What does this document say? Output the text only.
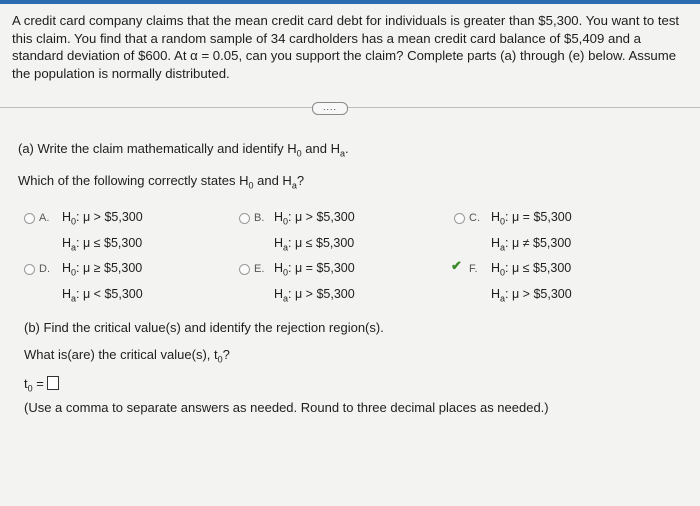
A credit card company claims that the mean credit card debt for individuals is greater than $5,300. You want to test this claim. You find that a random sample of 34 cardholders has a mean credit card balance of $5,409 and a standard deviation of $600. At α = 0.05, can you support the claim? Complete parts (a) through (e) below. Assume the population is normally distributed.
....
(a) Write the claim mathematically and identify $H_0$ and $H_a$.
Which of the following correctly states $H_0$ and $H_a$?
A. $H_0$: μ > $5,300
$H_a$: μ ≤ $5,300
B. $H_0$: μ > $5,300
$H_a$: μ ≤ $5,300
C. $H_0$: μ = $5,300
$H_a$: μ ≠ $5,300
D. $H_0$: μ ≥ $5,300
$H_a$: μ < $5,300
E. $H_0$: μ = $5,300
$H_a$: μ > $5,300
✔ F. $H_0$: μ ≤ $5,300
$H_a$: μ > $5,300
(b) Find the critical value(s) and identify the rejection region(s).
What is(are) the critical value(s), $t_0$?
$t_0$ =
(Use a comma to separate answers as needed. Round to three decimal places as needed.)
